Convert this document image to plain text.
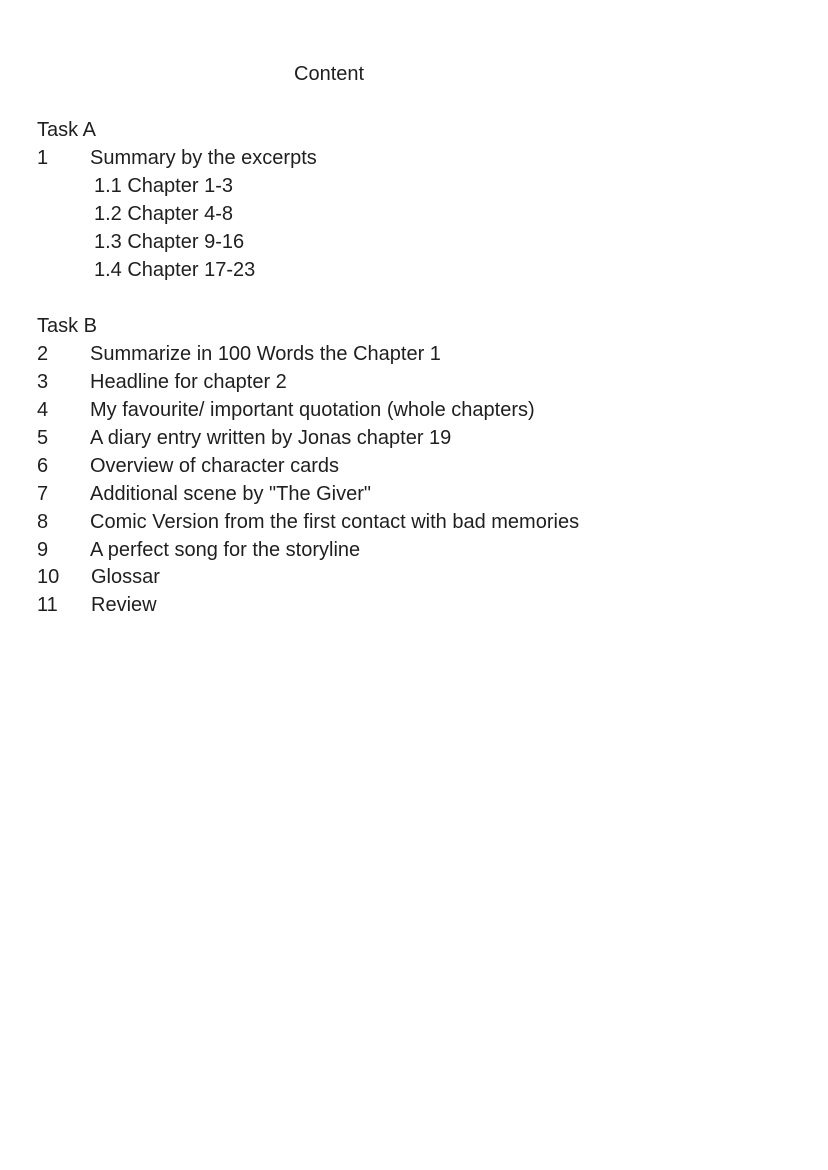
Content
Task A
1 Summary by the excerpts
1.1 Chapter 1-3
1.2 Chapter 4-8
1.3 Chapter 9-16
1.4 Chapter 17-23
Task B
2 Summarize in 100 Words the Chapter 1
3 Headline for chapter 2
4 My favourite/ important quotation (whole chapters)
5 A diary entry written by Jonas chapter 19
6 Overview of character cards
7 Additional scene by "The Giver"
8 Comic Version from the first contact with bad memories
9 A perfect song for the storyline
10 Glossar
11 Review
